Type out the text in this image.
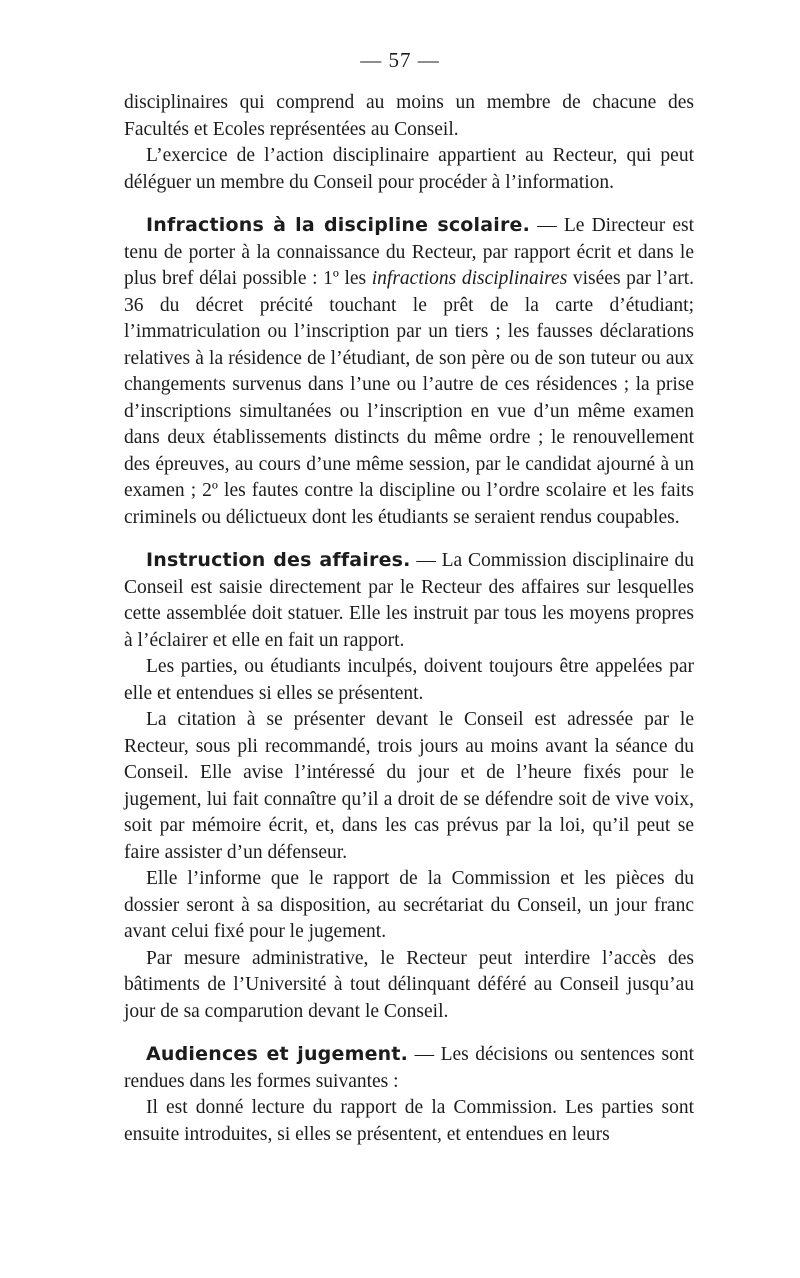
— 57 —

disciplinaires qui comprend au moins un membre de chacune des Facultés et Ecoles représentées au Conseil.

L’exercice de l’action disciplinaire appartient au Recteur, qui peut déléguer un membre du Conseil pour procéder à l’information.

Infractions à la discipline scolaire. — Le Directeur est tenu de porter à la connaissance du Recteur, par rapport écrit et dans le plus bref délai possible : 1º les infractions disciplinaires visées par l’art. 36 du décret précité touchant le prêt de la carte d’étudiant; l’immatriculation ou l’inscription par un tiers ; les fausses déclarations relatives à la résidence de l’étudiant, de son père ou de son tuteur ou aux changements survenus dans l’une ou l’autre de ces résidences ; la prise d’inscriptions simultanées ou l’inscription en vue d’un même examen dans deux établissements distincts du même ordre ; le renouvellement des épreuves, au cours d’une même session, par le candidat ajourné à un examen ; 2º les fautes contre la discipline ou l’ordre scolaire et les faits criminels ou délictueux dont les étudiants se seraient rendus coupables.

Instruction des affaires. — La Commission disciplinaire du Conseil est saisie directement par le Recteur des affaires sur lesquelles cette assemblée doit statuer. Elle les instruit par tous les moyens propres à l’éclairer et elle en fait un rapport.

Les parties, ou étudiants inculpés, doivent toujours être appelées par elle et entendues si elles se présentent.

La citation à se présenter devant le Conseil est adressée par le Recteur, sous pli recommandé, trois jours au moins avant la séance du Conseil. Elle avise l’intéressé du jour et de l’heure fixés pour le jugement, lui fait connaître qu’il a droit de se défendre soit de vive voix, soit par mémoire écrit, et, dans les cas prévus par la loi, qu’il peut se faire assister d’un défenseur.

Elle l’informe que le rapport de la Commission et les pièces du dossier seront à sa disposition, au secrétariat du Conseil, un jour franc avant celui fixé pour le jugement.

Par mesure administrative, le Recteur peut interdire l’accès des bâtiments de l’Université à tout délinquant déféré au Conseil jusqu’au jour de sa comparution devant le Conseil.

Audiences et jugement. — Les décisions ou sentences sont rendues dans les formes suivantes :

Il est donné lecture du rapport de la Commission. Les parties sont ensuite introduites, si elles se présentent, et entendues en leurs
